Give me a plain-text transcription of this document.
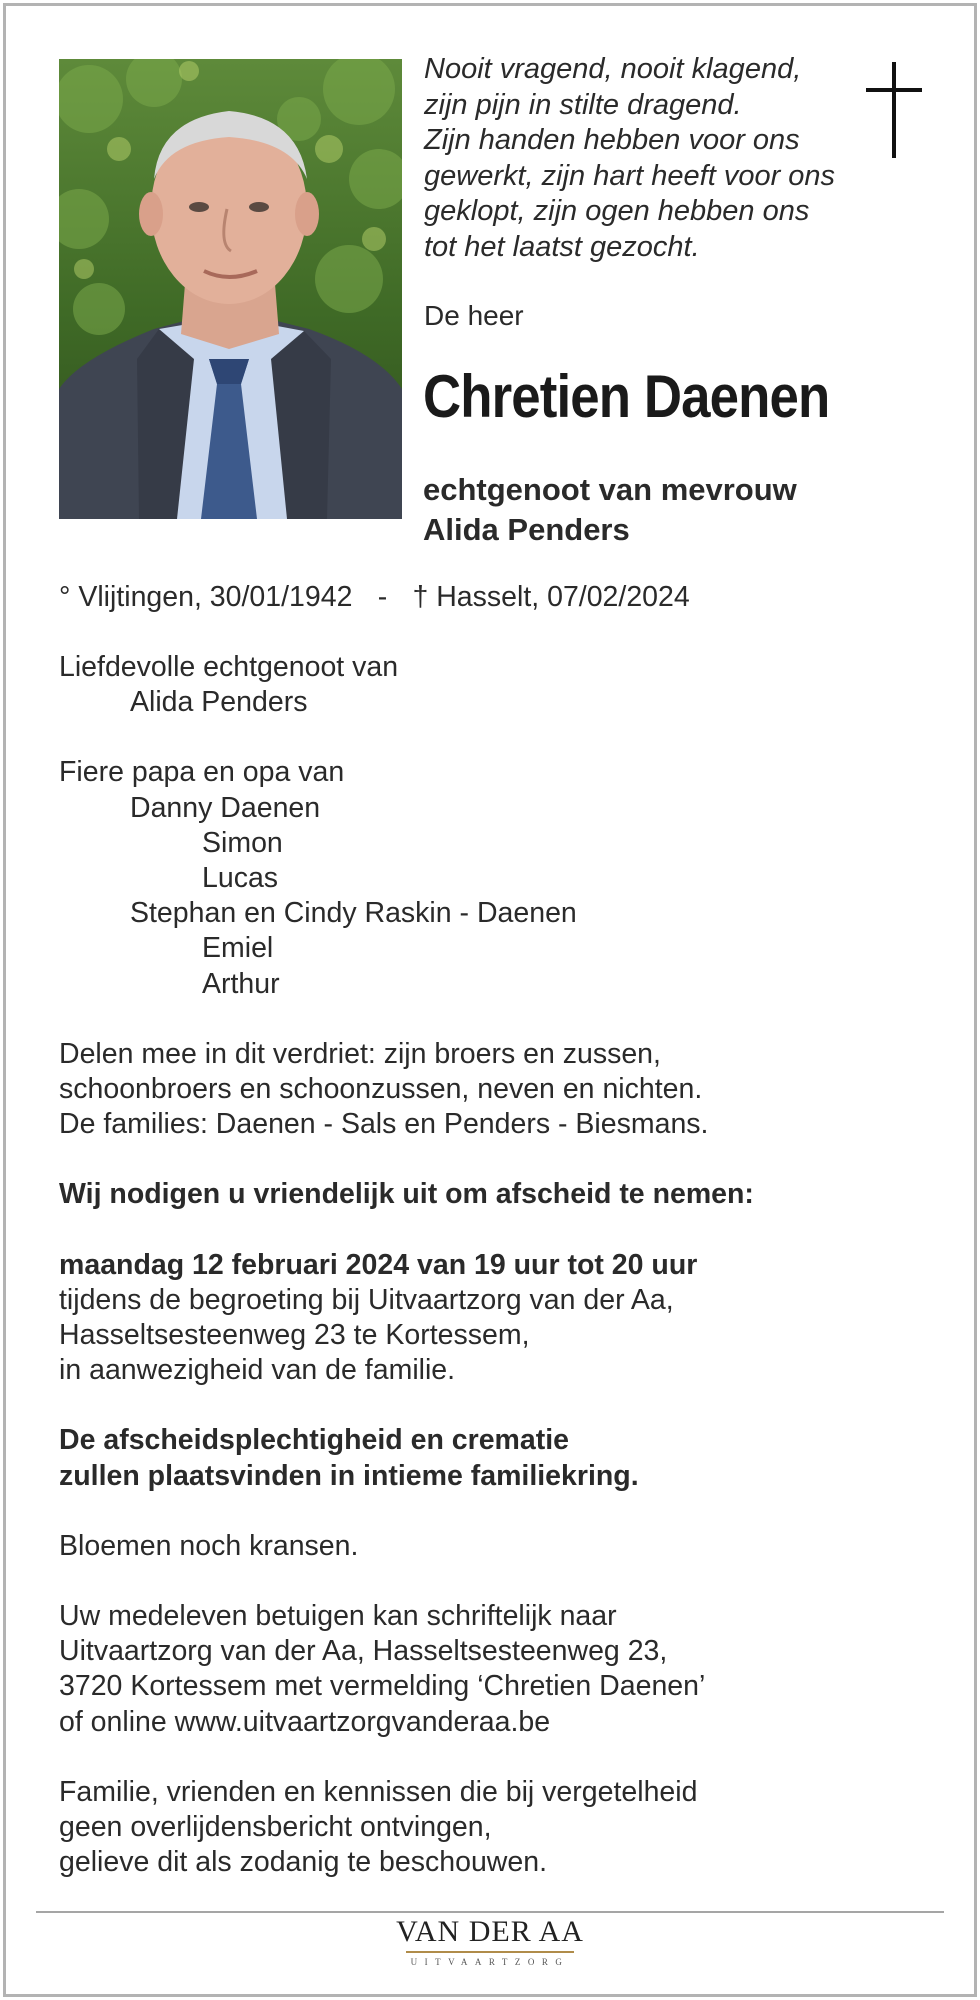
Nooit vragend, nooit klagend,
zijn pijn in stilte dragend.
Zijn handen hebben voor ons
gewerkt, zijn hart heeft voor ons
geklopt, zijn ogen hebben ons
tot het laatst gezocht.
De heer
Chretien Daenen
echtgenoot van mevrouw
Alida Penders
° Vlijtingen, 30/01/1942 - † Hasselt, 07/02/2024
Liefdevolle echtgenoot van
Alida Penders
Fiere papa en opa van
Danny Daenen
Simon
Lucas
Stephan en Cindy Raskin - Daenen
Emiel
Arthur
Delen mee in dit verdriet: zijn broers en zussen,
schoonbroers en schoonzussen, neven en nichten.
De families: Daenen - Sals en Penders - Biesmans.
Wij nodigen u vriendelijk uit om afscheid te nemen:
maandag 12 februari 2024 van 19 uur tot 20 uur
tijdens de begroeting bij Uitvaartzorg van der Aa,
Hasseltsesteenweg 23 te Kortessem,
in aanwezigheid van de familie.
De afscheidsplechtigheid en crematie
zullen plaatsvinden in intieme familiekring.
Bloemen noch kransen.
Uw medeleven betuigen kan schriftelijk naar
Uitvaartzorg van der Aa, Hasseltsesteenweg 23,
3720 Kortessem met vermelding ‘Chretien Daenen’
of online www.uitvaartzorgvanderaa.be
Familie, vrienden en kennissen die bij vergetelheid
geen overlijdensbericht ontvingen,
gelieve dit als zodanig te beschouwen.
VAN DER AA
UITVAARTZORG
